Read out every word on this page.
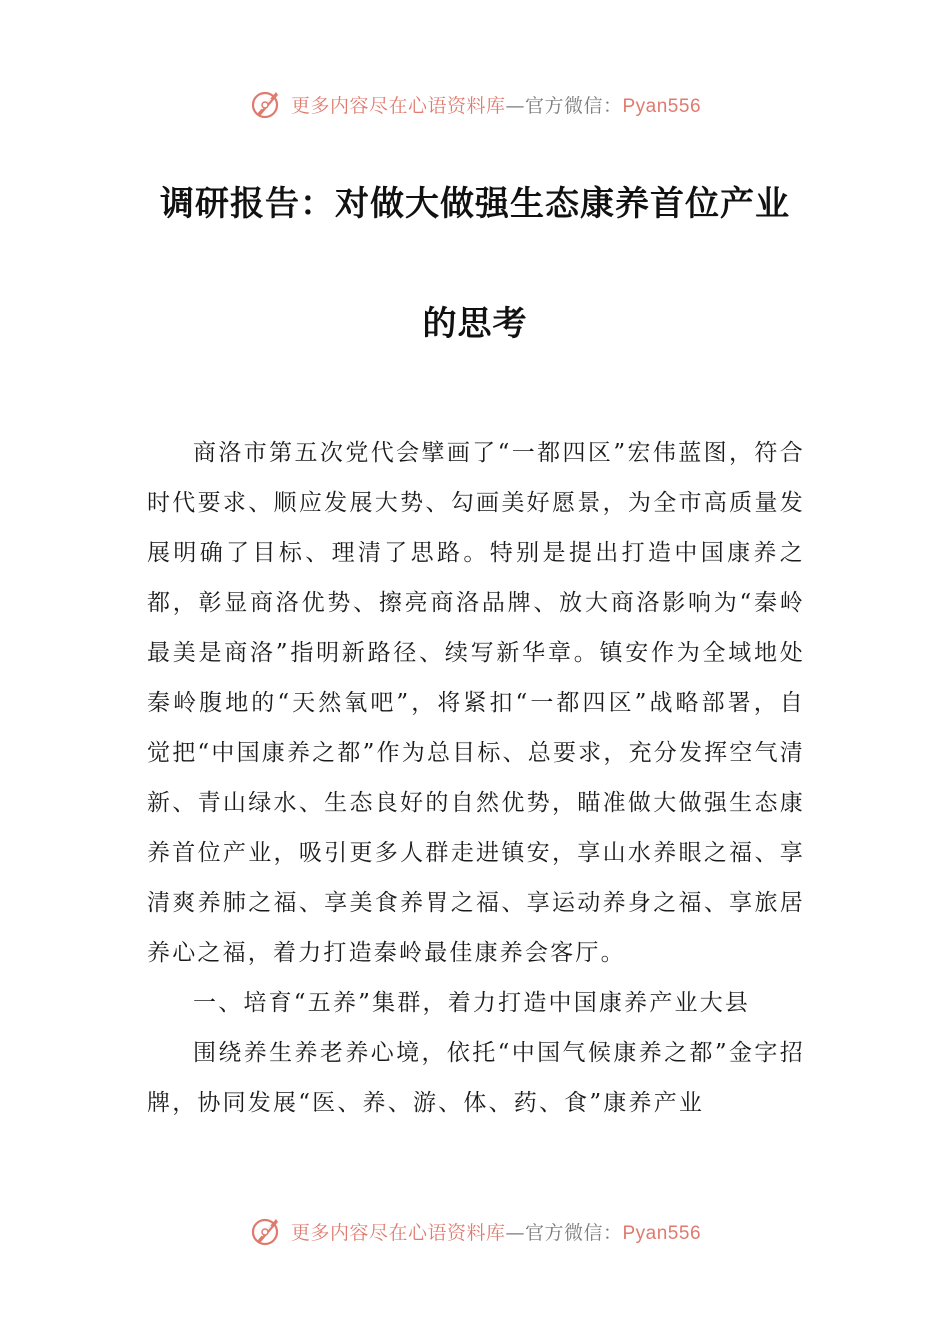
更多内容尽在心语资料库—官方微信：Pyan556
调研报告：对做大做强生态康养首位产业
的思考

商洛市第五次党代会擘画了“一都四区”宏伟蓝图，符合时代要求、顺应发展大势、勾画美好愿景，为全市高质量发展明确了目标、理清了思路。特别是提出打造中国康养之都，彰显商洛优势、擦亮商洛品牌、放大商洛影响为“秦岭最美是商洛”指明新路径、续写新华章。镇安作为全域地处秦岭腹地的“天然氧吧”，将紧扣“一都四区”战略部署，自觉把“中国康养之都”作为总目标、总要求，充分发挥空气清新、青山绿水、生态良好的自然优势，瞄准做大做强生态康养首位产业，吸引更多人群走进镇安，享山水养眼之福、享清爽养肺之福、享美食养胃之福、享运动养身之福、享旅居养心之福，着力打造秦岭最佳康养会客厅。

一、培育“五养”集群，着力打造中国康养产业大县

围绕养生养老养心境，依托“中国气候康养之都”金字招牌，协同发展“医、养、游、体、药、食”康养产业

更多内容尽在心语资料库—官方微信：Pyan556
